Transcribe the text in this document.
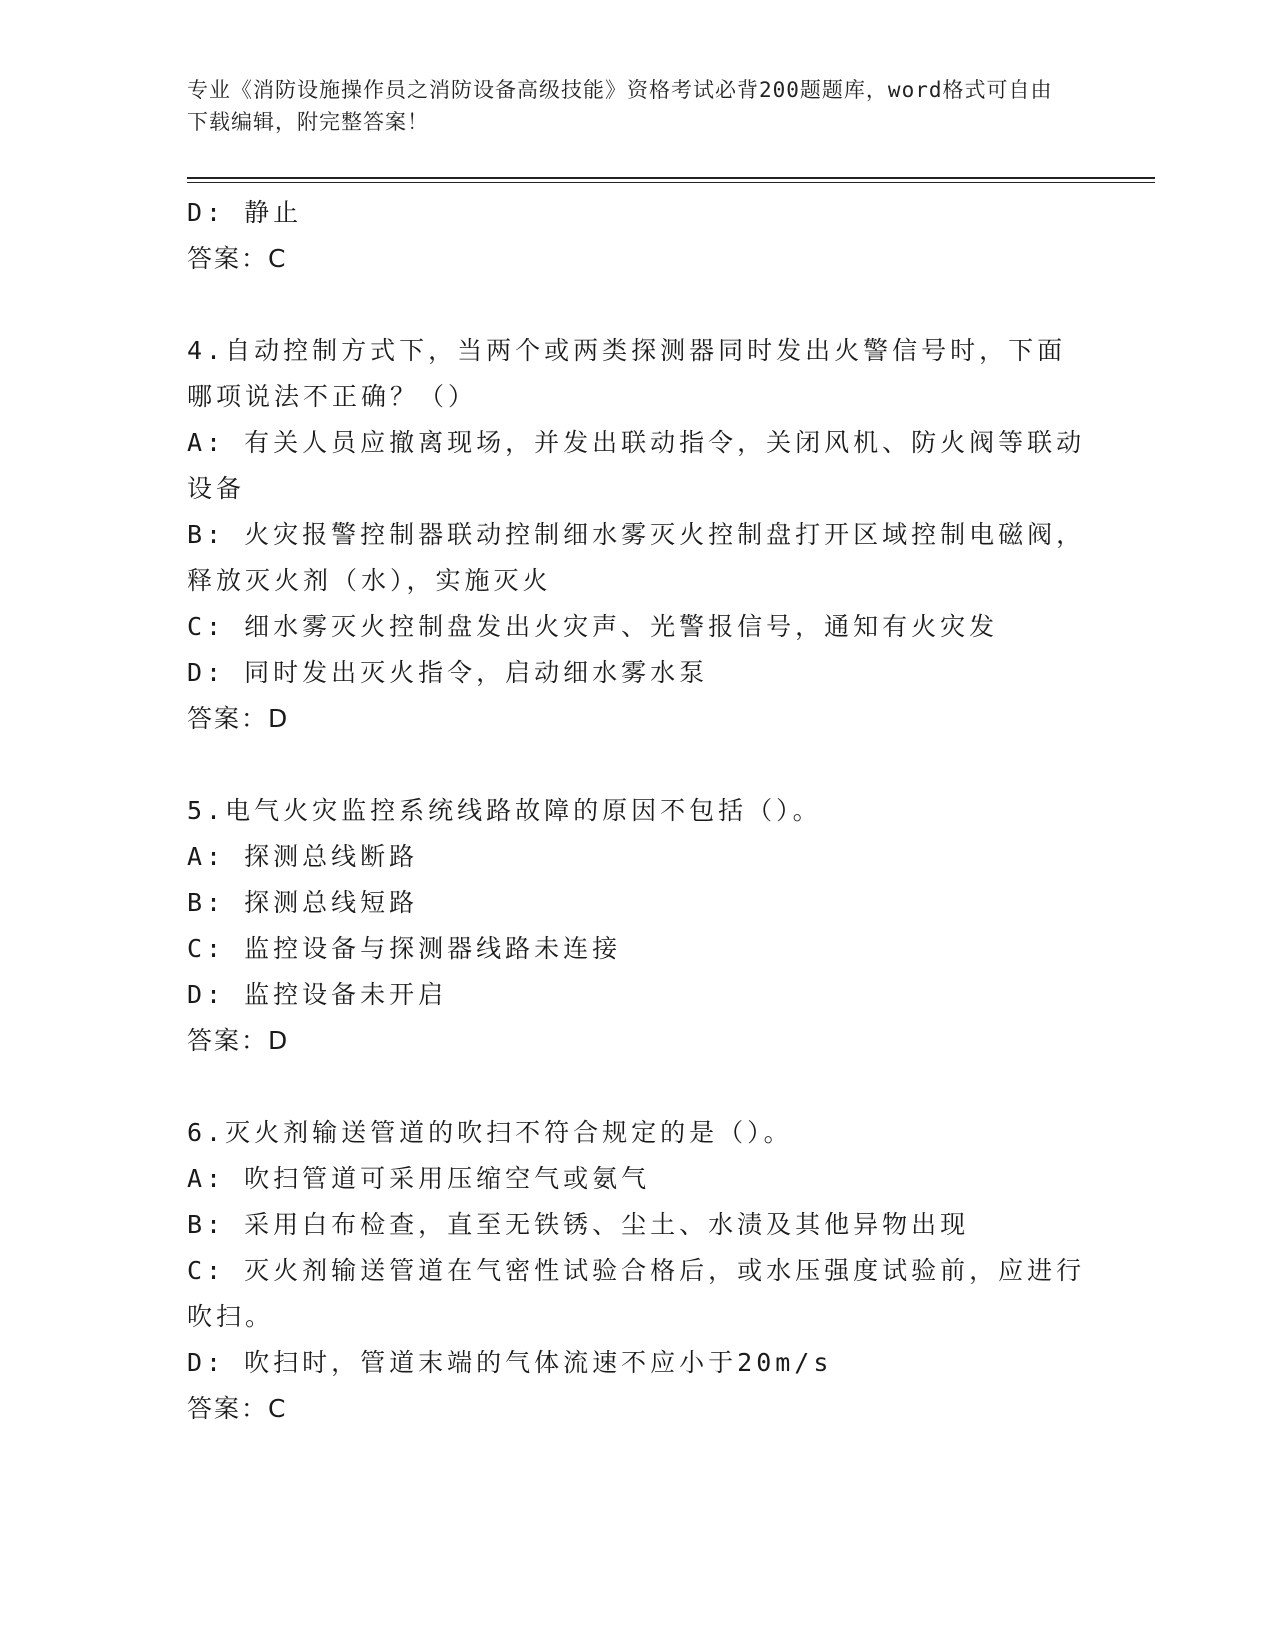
专业《消防设施操作员之消防设备高级技能》资格考试必背200题题库，word格式可自由下载编辑，附完整答案！

D: 静止

答案：C

4.自动控制方式下，当两个或两类探测器同时发出火警信号时，下面哪项说法不正确？（）

A: 有关人员应撤离现场，并发出联动指令，关闭风机、防火阀等联动设备

B: 火灾报警控制器联动控制细水雾灭火控制盘打开区域控制电磁阀，释放灭火剂（水），实施灭火

C: 细水雾灭火控制盘发出火灾声、光警报信号，通知有火灾发

D: 同时发出灭火指令，启动细水雾水泵

答案：D

5.电气火灾监控系统线路故障的原因不包括（）。

A: 探测总线断路

B: 探测总线短路

C: 监控设备与探测器线路未连接

D: 监控设备未开启

答案：D

6.灭火剂输送管道的吹扫不符合规定的是（）。

A: 吹扫管道可采用压缩空气或氨气

B: 采用白布检查，直至无铁锈、尘土、水渍及其他异物出现

C: 灭火剂输送管道在气密性试验合格后，或水压强度试验前，应进行吹扫。

D: 吹扫时，管道末端的气体流速不应小于20m/s

答案：C
